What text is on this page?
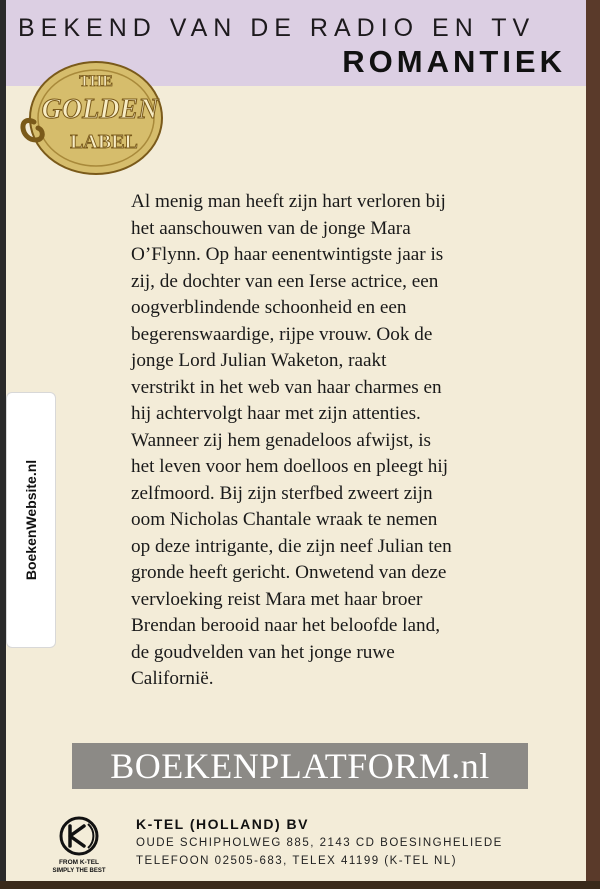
BEKEND VAN DE RADIO EN TV
ROMANTIEK
THE
GOLDEN
LABEL

Al menig man heeft zijn hart verloren bij
het aanschouwen van de jonge Mara
O’Flynn. Op haar eenentwintigste jaar is
zij, de dochter van een Ierse actrice, een
oogverblindende schoonheid en een
begerenswaardige, rijpe vrouw. Ook de
jonge Lord Julian Waketon, raakt
verstrikt in het web van haar charmes en
hij achtervolgt haar met zijn attenties.
Wanneer zij hem genadeloos afwijst, is
het leven voor hem doelloos en pleegt hij
zelfmoord. Bij zijn sterfbed zweert zijn
oom Nicholas Chantale wraak te nemen
op deze intrigante, die zijn neef Julian ten
gronde heeft gericht. Onwetend van deze
vervloeking reist Mara met haar broer
Brendan berooid naar het beloofde land,
de goudvelden van het jonge ruwe
Californië.

BoekenWebsite.nl
BOEKENPLATFORM.nl
FROM K-TEL
SIMPLY THE BEST
K-TEL (HOLLAND) BV
OUDE SCHIPHOLWEG 885, 2143 CD BOESINGHELIEDE
TELEFOON 02505-683, TELEX 41199 (K-TEL NL)
